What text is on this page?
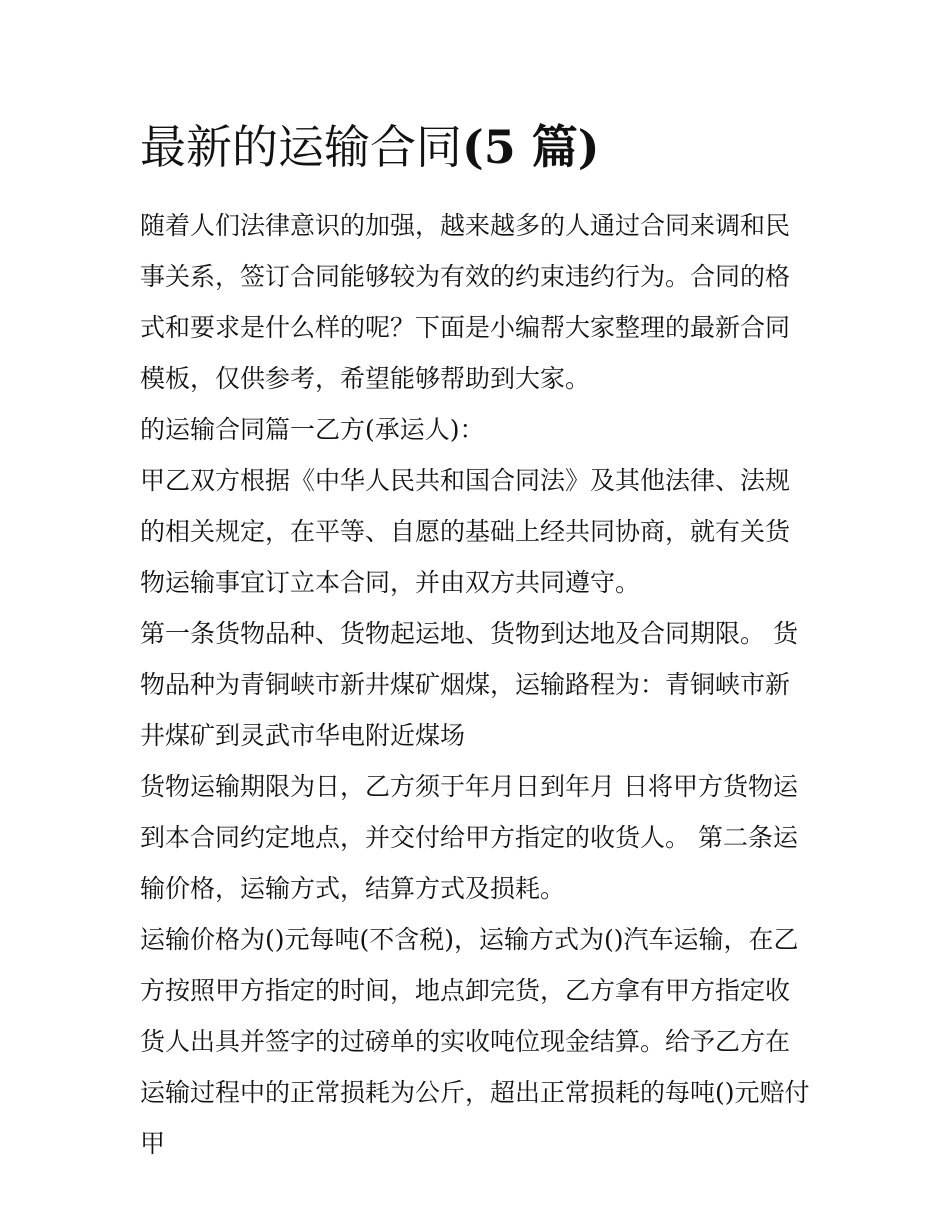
最新的运输合同(5 篇)

随着人们法律意识的加强，越来越多的人通过合同来调和民事关系，签订合同能够较为有效的约束违约行为。合同的格式和要求是什么样的呢？下面是小编帮大家整理的最新合同模板，仅供参考，希望能够帮助到大家。

的运输合同篇一乙方(承运人)：

甲乙双方根据《中华人民共和国合同法》及其他法律、法规的相关规定，在平等、自愿的基础上经共同协商，就有关货物运输事宜订立本合同，并由双方共同遵守。

第一条货物品种、货物起运地、货物到达地及合同期限。 货物品种为青铜峡市新井煤矿烟煤，运输路程为：青铜峡市新井煤矿到灵武市华电附近煤场

货物运输期限为日，乙方须于年月日到年月 日将甲方货物运到本合同约定地点，并交付给甲方指定的收货人。 第二条运输价格，运输方式，结算方式及损耗。

运输价格为()元每吨(不含税)，运输方式为()汽车运输，在乙方按照甲方指定的时间，地点卸完货，乙方拿有甲方指定收货人出具并签字的过磅单的实收吨位现金结算。给予乙方在运输过程中的正常损耗为公斤，超出正常损耗的每吨()元赔付甲
